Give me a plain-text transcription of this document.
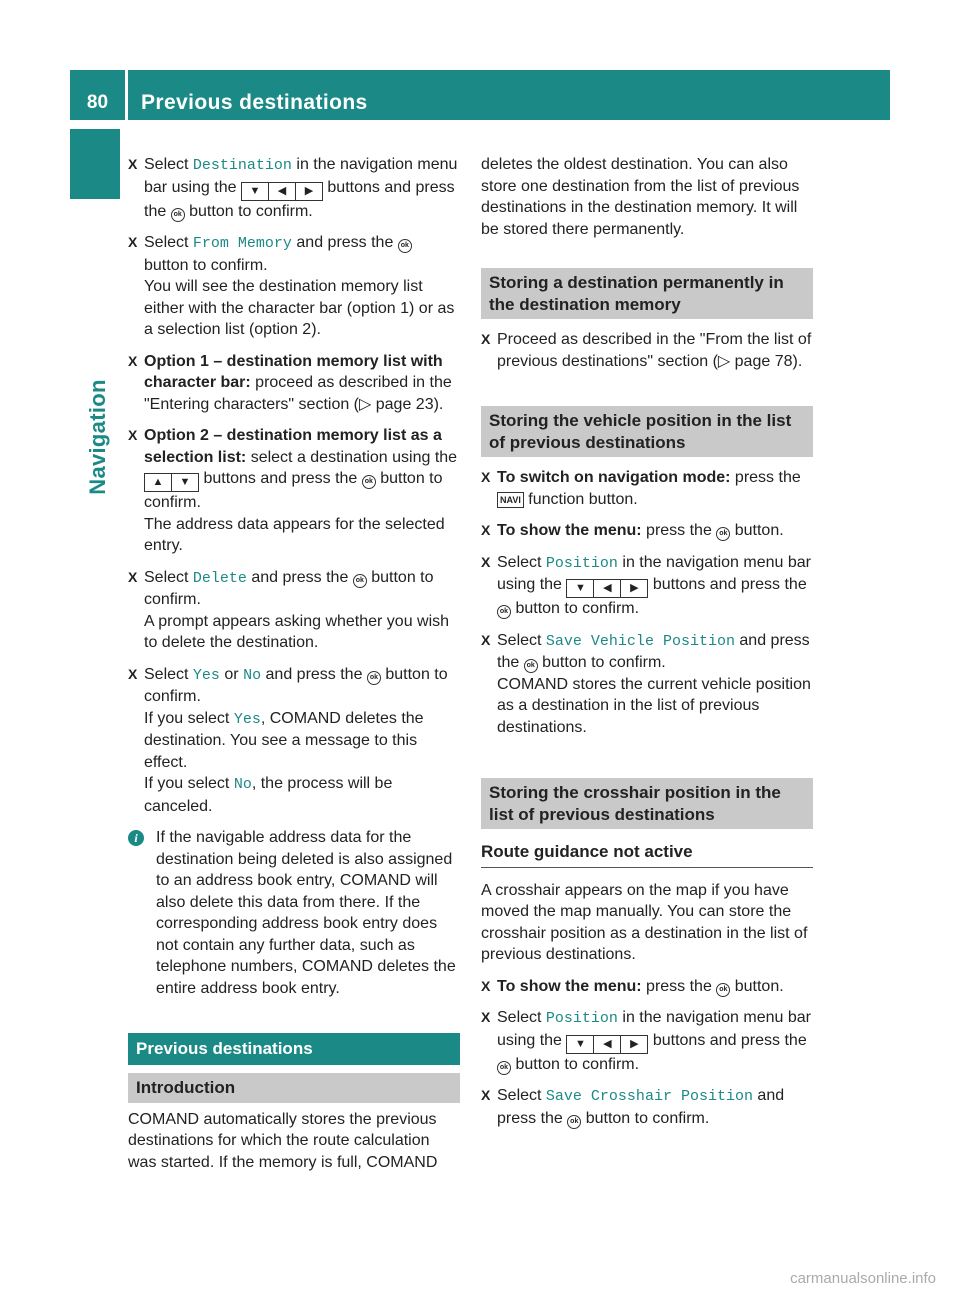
80	Previous destinations
Navigation
X Select Destination in the navigation menu bar using the ▼ ◀ ▶ buttons and press the ok button to confirm.
X Select From Memory and press the ok button to confirm.
You will see the destination memory list either with the character bar (option 1) or as a selection list (option 2).
X Option 1 – destination memory list with character bar: proceed as described in the "Entering characters" section (▷ page 23).
X Option 2 – destination memory list as a selection list: select a destination using the ▲ ▼ buttons and press the ok button to confirm.
The address data appears for the selected entry.
X Select Delete and press the ok button to confirm.
A prompt appears asking whether you wish to delete the destination.
X Select Yes or No and press the ok button to confirm.
If you select Yes, COMAND deletes the destination. You see a message to this effect.
If you select No, the process will be canceled.
i	If the navigable address data for the destination being deleted is also assigned to an address book entry, COMAND will also delete this data from there. If the corresponding address book entry does not contain any further data, such as telephone numbers, COMAND deletes the entire address book entry.
Previous destinations
Introduction

COMAND automatically stores the previous destinations for which the route calculation was started. If the memory is full, COMAND

deletes the oldest destination. You can also store one destination from the list of previous destinations in the destination memory. It will be stored there permanently.

Storing a destination permanently in the destination memory
X Proceed as described in the "From the list of previous destinations" section (▷ page 78).
Storing the vehicle position in the list of previous destinations
X To switch on navigation mode: press the NAVI function button.
X To show the menu: press the ok button.
X Select Position in the navigation menu bar using the ▼ ◀ ▶ buttons and press the ok button to confirm.
X Select Save Vehicle Position and press the ok button to confirm.
COMAND stores the current vehicle position as a destination in the list of previous destinations.
Storing the crosshair position in the list of previous destinations
Route guidance not active

A crosshair appears on the map if you have moved the map manually. You can store the crosshair position as a destination in the list of previous destinations.

X To show the menu: press the ok button.
X Select Position in the navigation menu bar using the ▼ ◀ ▶ buttons and press the ok button to confirm.
X Select Save Crosshair Position and press the ok button to confirm.
carmanualsonline.info
